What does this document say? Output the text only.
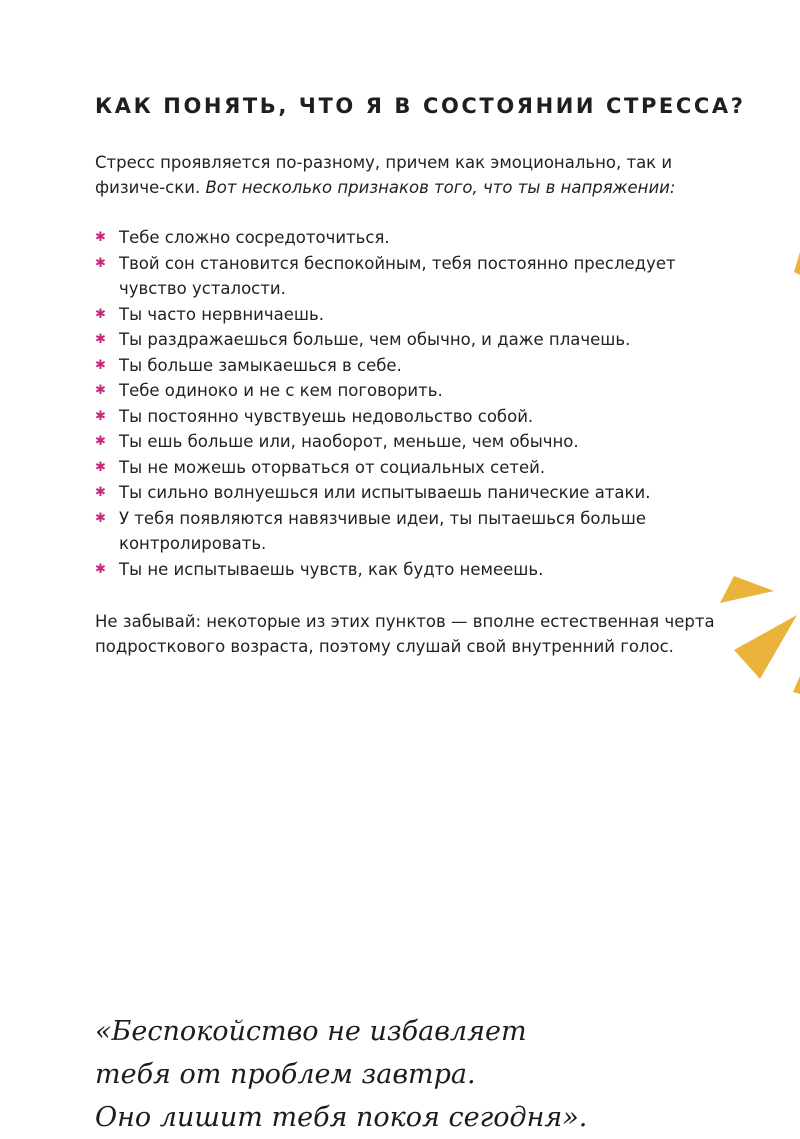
КАК ПОНЯТЬ, ЧТО Я В СОСТОЯНИИ СТРЕССА?

Стресс проявляется по-разному, причем как эмоционально, так и физиче-ски. Вот несколько признаков того, что ты в напряжении:

✱ Тебе сложно сосредоточиться.
✱ Твой сон становится беспокойным, тебя постоянно преследует чувство усталости.
✱ Ты часто нервничаешь.
✱ Ты раздражаешься больше, чем обычно, и даже плачешь.
✱ Ты больше замыкаешься в себе.
✱ Тебе одиноко и не с кем поговорить.
✱ Ты постоянно чувствуешь недовольство собой.
✱ Ты ешь больше или, наоборот, меньше, чем обычно.
✱ Ты не можешь оторваться от социальных сетей.
✱ Ты сильно волнуешься или испытываешь панические атаки.
✱ У тебя появляются навязчивые идеи, ты пытаешься больше контролировать.
✱ Ты не испытываешь чувств, как будто немеешь.

Не забывай: некоторые из этих пунктов — вполне естественная черта подросткового возраста, поэтому слушай свой внутренний голос.

«Беспокойство не избавляет
тебя от проблем завтра.
Оно лишит тебя покоя сегодня».
